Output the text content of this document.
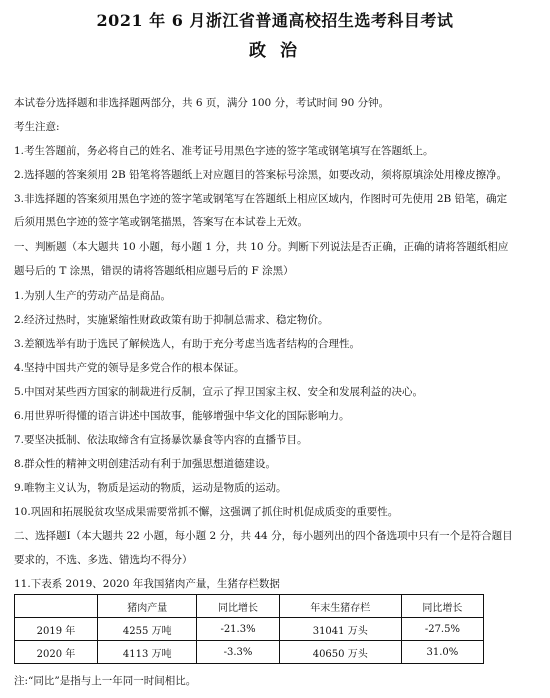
2021 年 6 月浙江省普通高校招生选考科目考试
政 治
本试卷分选择题和非选择题两部分，共 6 页，满分 100 分，考试时间 90 分钟。
考生注意:
1.考生答题前，务必将自己的姓名、准考证号用黑色字迹的签字笔或钢笔填写在答题纸上。
2.选择题的答案须用 2B 铅笔将答题纸上对应题目的答案标号涂黑，如要改动，须将原填涂处用橡皮擦净。
3.非选择题的答案须用黑色字迹的签字笔或钢笔写在答题纸上相应区域内，作图时可先使用 2B 铅笔，确定
后须用黑色字迹的签字笔或钢笔描黑，答案写在本试卷上无效。
一、判断题（本大题共 10 小题，每小题 1 分，共 10 分。判断下列说法是否正确，正确的请将答题纸相应
题号后的 T 涂黑，错误的请将答题纸相应题号后的 F 涂黑）
1.为别人生产的劳动产品是商品。
2.经济过热时，实施紧缩性财政政策有助于抑制总需求、稳定物价。
3.差额选举有助于选民了解候选人，有助于充分考虑当选者结构的合理性。
4.坚持中国共产党的领导是多党合作的根本保证。
5.中国对某些西方国家的制裁进行反制，宣示了捍卫国家主权、安全和发展利益的决心。
6.用世界听得懂的语言讲述中国故事，能够增强中华文化的国际影响力。
7.要坚决抵制、依法取缔含有宣扬暴饮暴食等内容的直播节目。
8.群众性的精神文明创建活动有利于加强思想道德建设。
9.唯物主义认为，物质是运动的物质，运动是物质的运动。
10.巩固和拓展脱贫攻坚成果需要常抓不懈，这强调了抓住时机促成质变的重要性。
二、选择题Ⅰ（本大题共 22 小题，每小题 2 分，共 44 分，每小题列出的四个备选项中只有一个是符合题目
要求的，不选、多选、错选均不得分）
11.下表系 2019、2020 年我国猪肉产量，生猪存栏数据
	猪肉产量	同比增长	年末生猪存栏	同比增长
2019 年	4255 万吨	-21.3%	31041 万头	-27.5%
2020 年	4113 万吨	-3.3%	40650 万头	31.0%
注:“同比”是指与上一年同一时间相比。
